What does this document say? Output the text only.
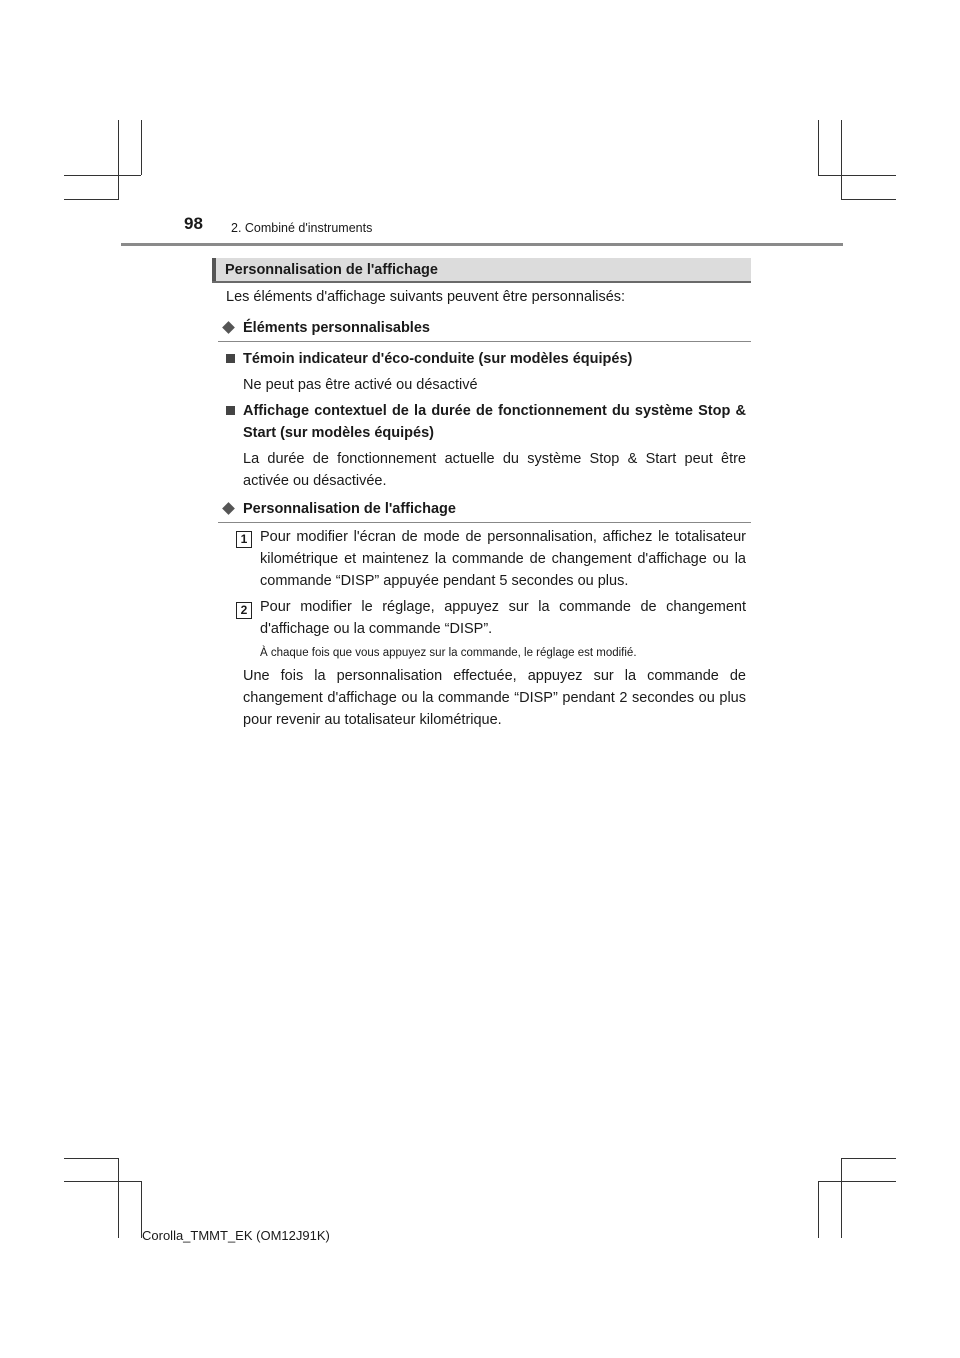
98 2. Combiné d'instruments
Personnalisation de l'affichage
Les éléments d'affichage suivants peuvent être personnalisés:
Éléments personnalisables
Témoin indicateur d'éco-conduite (sur modèles équipés)
Ne peut pas être activé ou désactivé
Affichage contextuel de la durée de fonctionnement du système Stop & Start (sur modèles équipés)
La durée de fonctionnement actuelle du système Stop & Start peut être activée ou désactivée.
Personnalisation de l'affichage
1 Pour modifier l'écran de mode de personnalisation, affichez le totalisateur kilométrique et maintenez la commande de changement d'affichage ou la commande “DISP” appuyée pendant 5 secondes ou plus.
2 Pour modifier le réglage, appuyez sur la commande de changement d'affichage ou la commande “DISP”.
À chaque fois que vous appuyez sur la commande, le réglage est modifié.
Une fois la personnalisation effectuée, appuyez sur la commande de changement d'affichage ou la commande “DISP” pendant 2 secondes ou plus pour revenir au totalisateur kilométrique.
Corolla_TMMT_EK (OM12J91K)
